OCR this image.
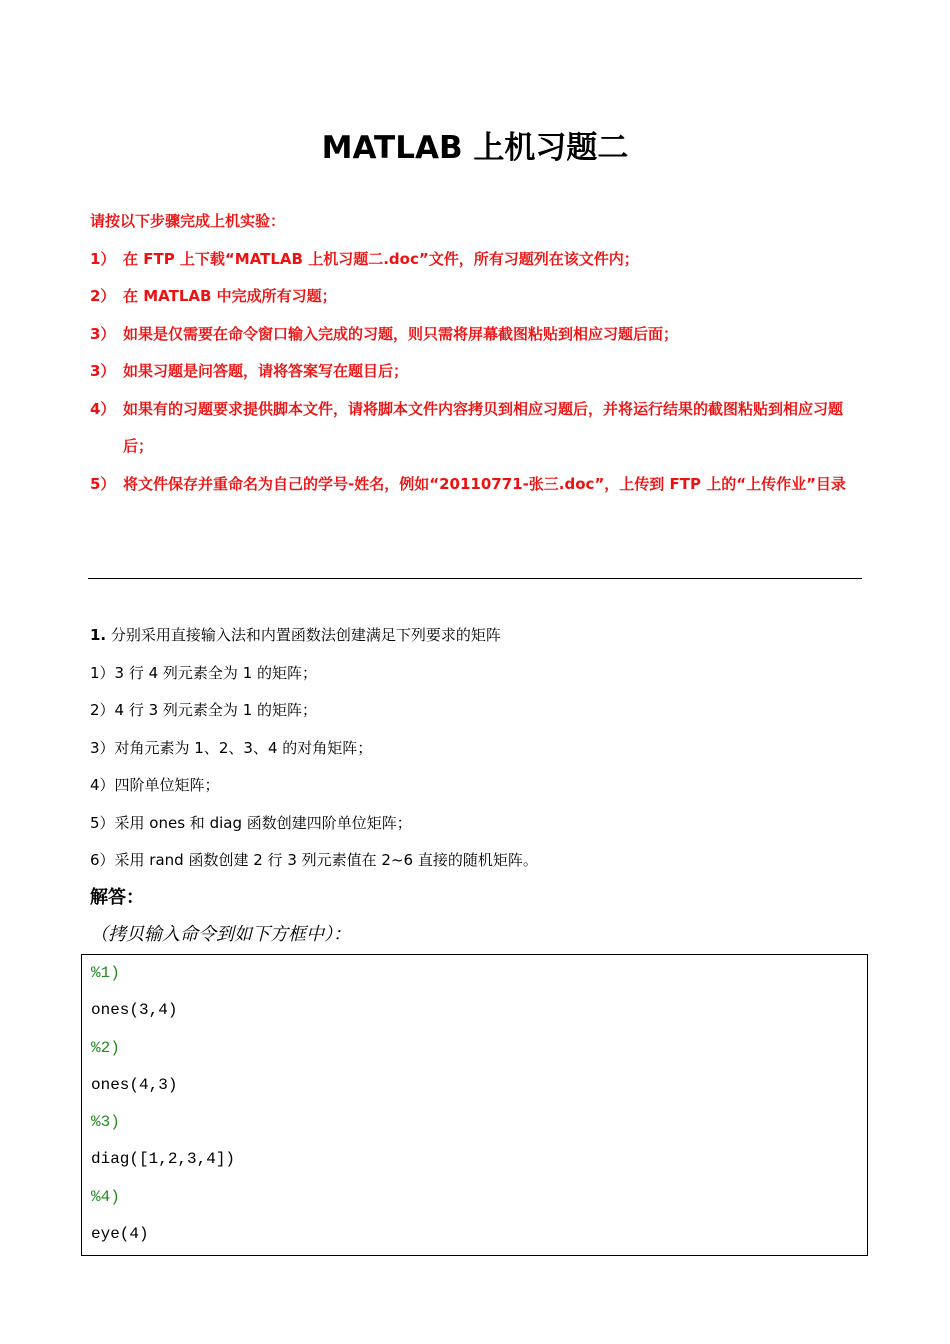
MATLAB 上机习题二

请按以下步骤完成上机实验：

1） 在 FTP 上下载“MATLAB 上机习题二.doc”文件，所有习题列在该文件内；

2） 在 MATLAB 中完成所有习题；

3） 如果是仅需要在命令窗口输入完成的习题，则只需将屏幕截图粘贴到相应习题后面；

3） 如果习题是问答题，请将答案写在题目后；

4） 如果有的习题要求提供脚本文件，请将脚本文件内容拷贝到相应习题后，并将运行结果的截图粘贴到相应习题后；

5） 将文件保存并重命名为自己的学号-姓名，例如“20110771-张三.doc”，上传到 FTP 上的“上传作业”目录

1. 分别采用直接输入法和内置函数法创建满足下列要求的矩阵

1）3 行 4 列元素全为 1 的矩阵；

2）4 行 3 列元素全为 1 的矩阵；

3）对角元素为 1、2、3、4 的对角矩阵；

4）四阶单位矩阵；

5）采用 ones 和 diag 函数创建四阶单位矩阵；

6）采用 rand 函数创建 2 行 3 列元素值在 2~6 直接的随机矩阵。

解答：

（拷贝输入命令到如下方框中）：

%1)
ones(3,4)
%2)
ones(4,3)
%3)
diag([1,2,3,4])
%4)
eye(4)
